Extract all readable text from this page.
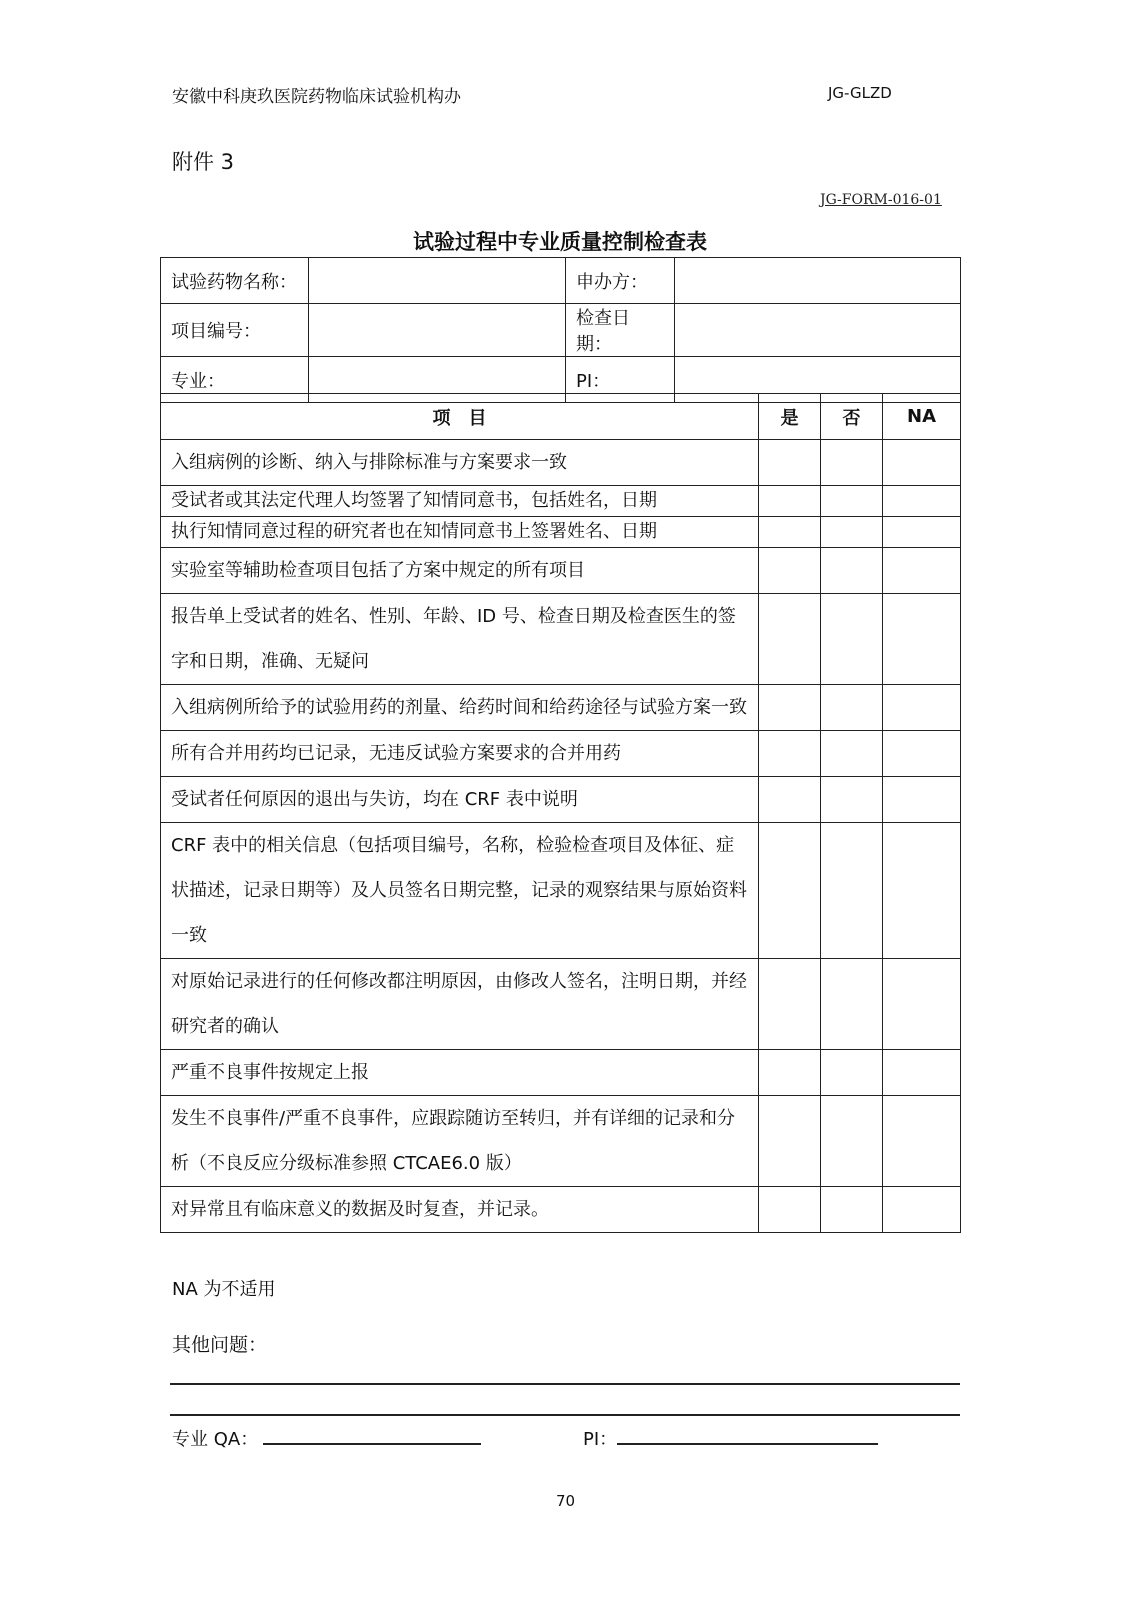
安徽中科庚玖医院药物临床试验机构办	JG-GLZD
附件 3
JG-FORM-016-01
试验过程中专业质量控制检查表
试验药物名称：		申办方：	
项目编号：		检查日期：	
专业：		PI：	
项　目	是	否	NA
入组病例的诊断、纳入与排除标准与方案要求一致			
受试者或其法定代理人均签署了知情同意书，包括姓名，日期			
执行知情同意过程的研究者也在知情同意书上签署姓名、日期			
实验室等辅助检查项目包括了方案中规定的所有项目			
报告单上受试者的姓名、性别、年龄、ID 号、检查日期及检查医生的签字和日期，准确、无疑问			
入组病例所给予的试验用药的剂量、给药时间和给药途径与试验方案一致			
所有合并用药均已记录，无违反试验方案要求的合并用药			
受试者任何原因的退出与失访，均在 CRF 表中说明			
CRF 表中的相关信息（包括项目编号，名称，检验检查项目及体征、症状描述，记录日期等）及人员签名日期完整，记录的观察结果与原始资料一致			
对原始记录进行的任何修改都注明原因，由修改人签名，注明日期，并经研究者的确认			
严重不良事件按规定上报			
发生不良事件/严重不良事件，应跟踪随访至转归，并有详细的记录和分析（不良反应分级标准参照 CTCAE6.0 版）			
对异常且有临床意义的数据及时复查，并记录。			
NA 为不适用
其他问题：
专业 QA：	PI：
70
